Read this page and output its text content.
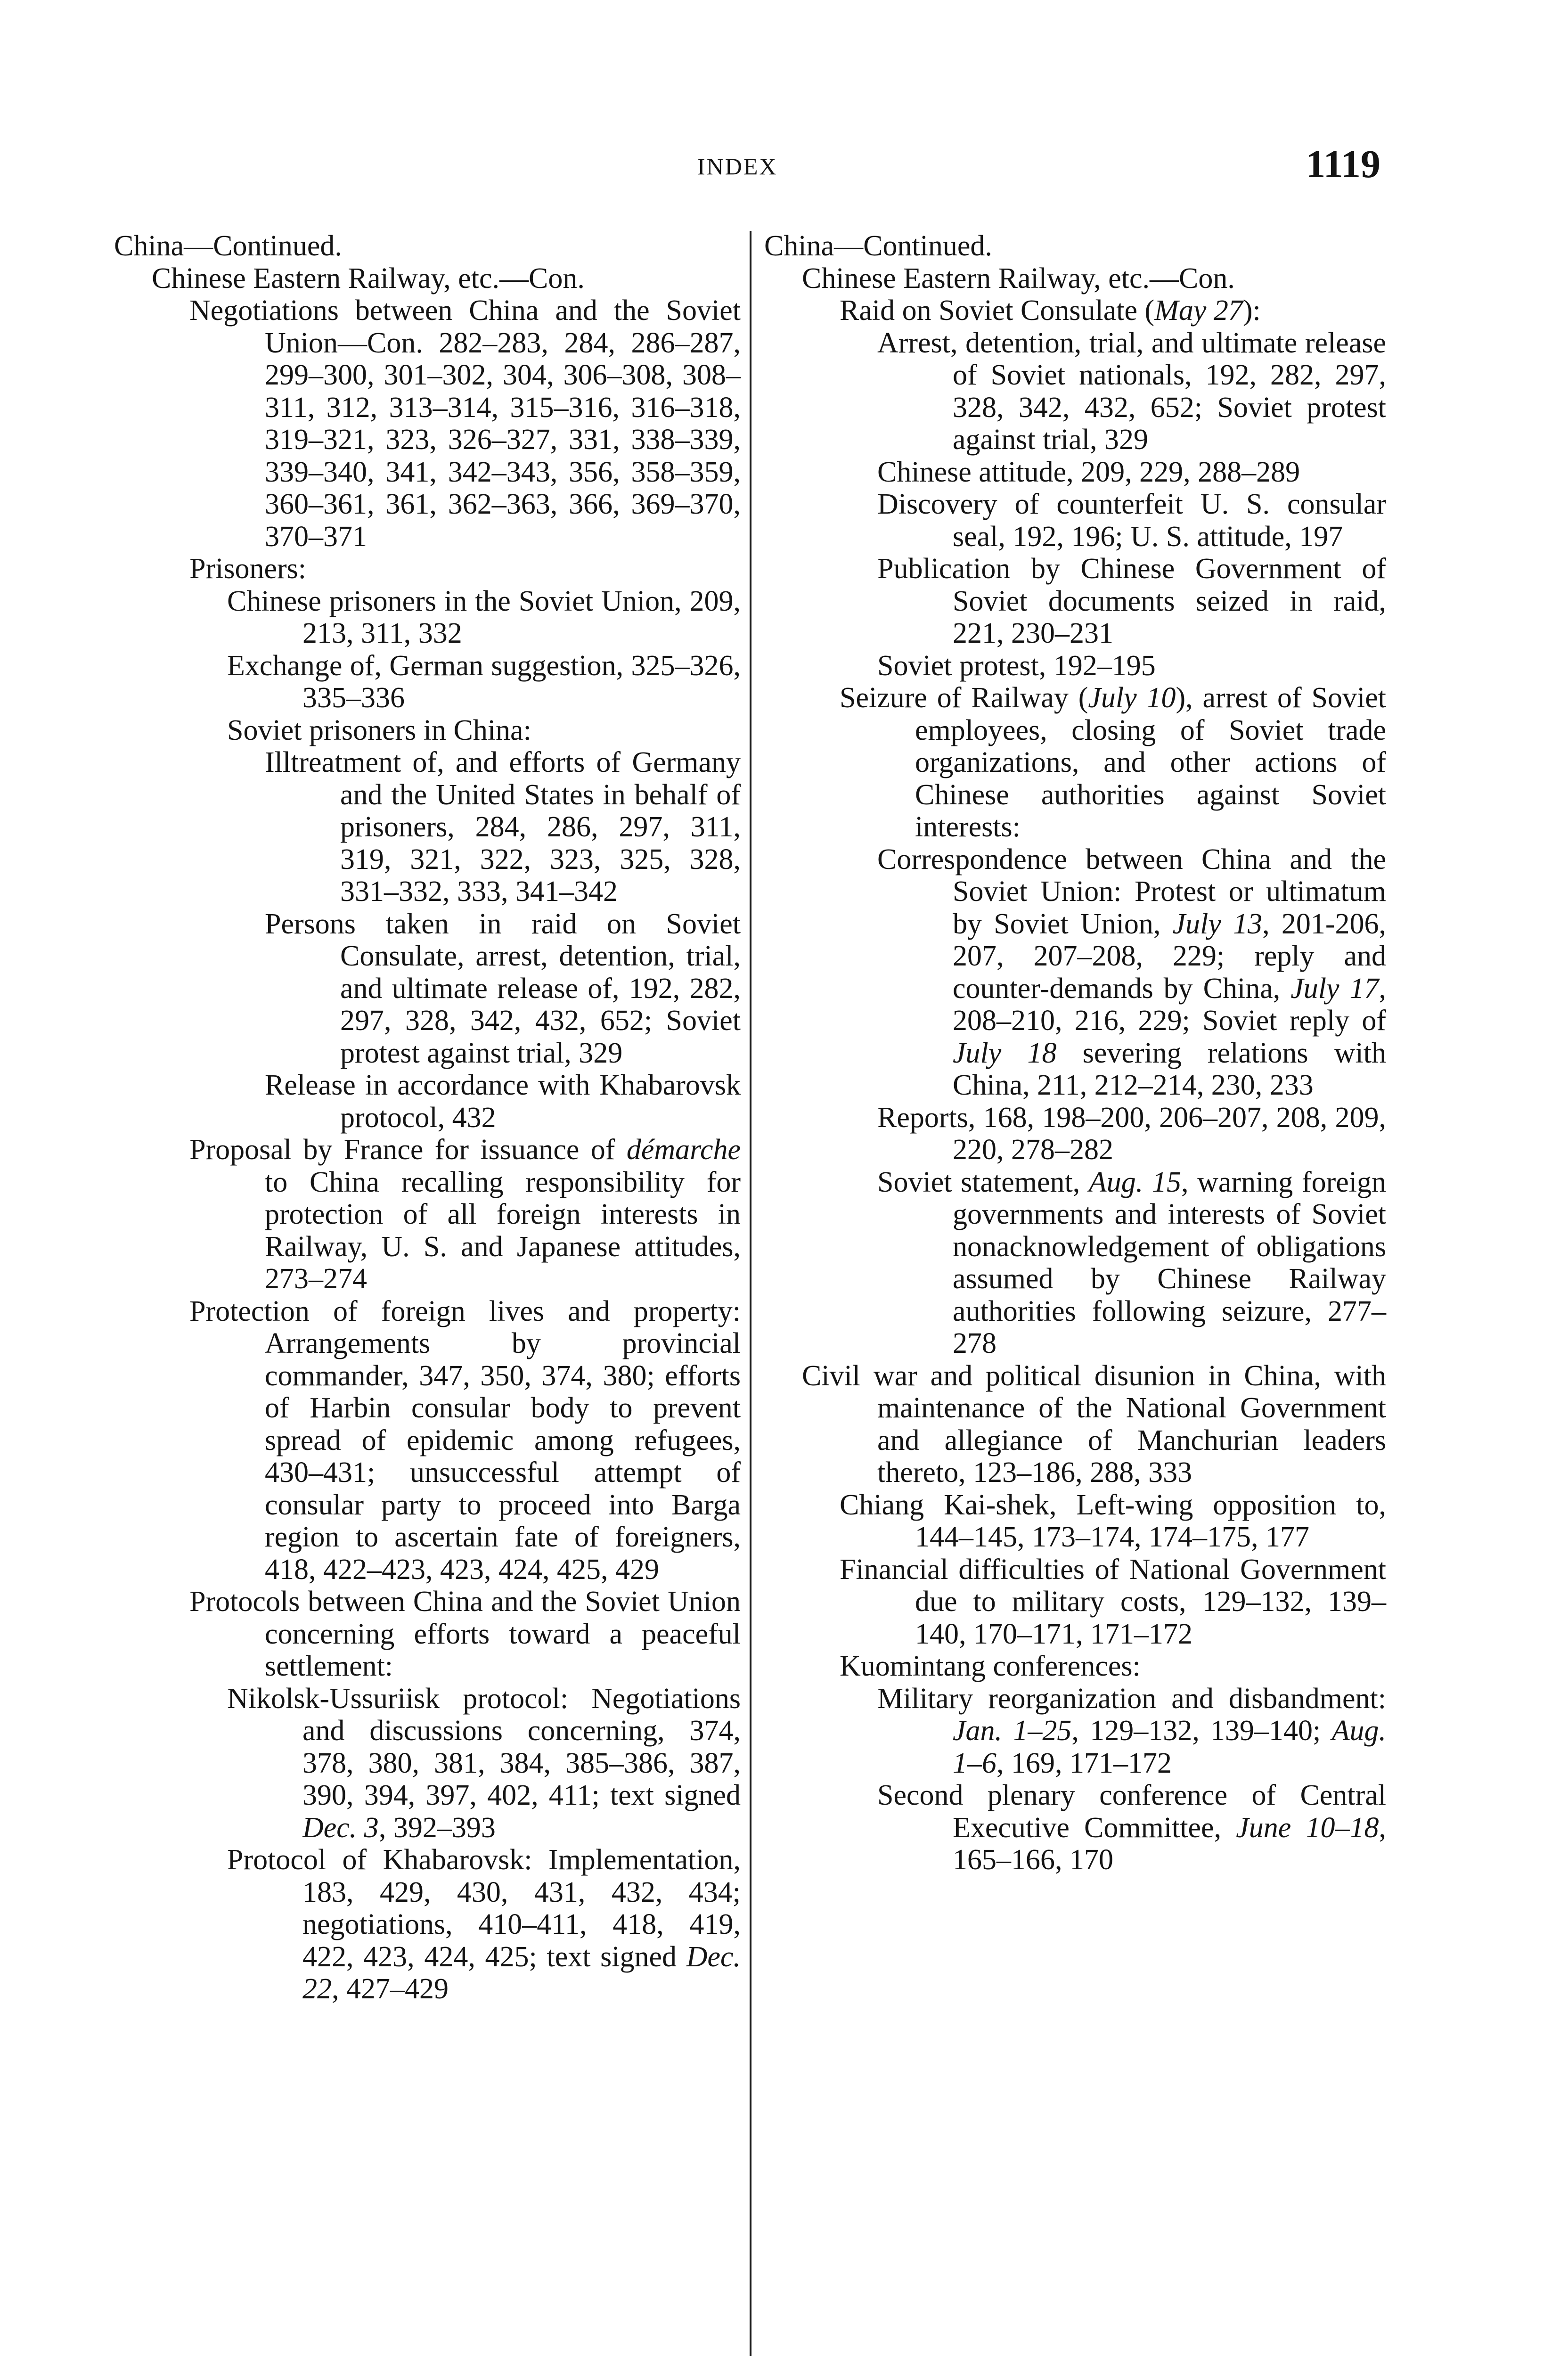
INDEX	1119
China—Continued.
Chinese Eastern Railway, etc.—Con.
Negotiations between China and the Soviet Union—Con. 282–283, 284, 286–287, 299–300, 301–302, 304, 306–308, 308–311, 312, 313–314, 315–316, 316–318, 319–321, 323, 326–327, 331, 338–339, 339–340, 341, 342–343, 356, 358–359, 360–361, 361, 362–363, 366, 369–370, 370–371
Prisoners:
Chinese prisoners in the Soviet Union, 209, 213, 311, 332
Exchange of, German suggestion, 325–326, 335–336
Soviet prisoners in China:
Illtreatment of, and efforts of Germany and the United States in behalf of prisoners, 284, 286, 297, 311, 319, 321, 322, 323, 325, 328, 331–332, 333, 341–342
Persons taken in raid on Soviet Consulate, arrest, detention, trial, and ultimate release of, 192, 282, 297, 328, 342, 432, 652; Soviet protest against trial, 329
Release in accordance with Khabarovsk protocol, 432
Proposal by France for issuance of démarche to China recalling responsibility for protection of all foreign interests in Railway, U. S. and Japanese attitudes, 273–274
Protection of foreign lives and property: Arrangements by provincial commander, 347, 350, 374, 380; efforts of Harbin consular body to prevent spread of epidemic among refugees, 430–431; unsuccessful attempt of consular party to proceed into Barga region to ascertain fate of foreigners, 418, 422–423, 423, 424, 425, 429
Protocols between China and the Soviet Union concerning efforts toward a peaceful settlement:
Nikolsk-Ussuriisk protocol: Negotiations and discussions concerning, 374, 378, 380, 381, 384, 385–386, 387, 390, 394, 397, 402, 411; text signed Dec. 3, 392–393
Protocol of Khabarovsk: Implementation, 183, 429, 430, 431, 432, 434; negotiations, 410–411, 418, 419, 422, 423, 424, 425; text signed Dec. 22, 427–429
China—Continued.
Chinese Eastern Railway, etc.—Con.
Raid on Soviet Consulate (May 27):
Arrest, detention, trial, and ultimate release of Soviet nationals, 192, 282, 297, 328, 342, 432, 652; Soviet protest against trial, 329
Chinese attitude, 209, 229, 288–289
Discovery of counterfeit U. S. consular seal, 192, 196; U. S. attitude, 197
Publication by Chinese Government of Soviet documents seized in raid, 221, 230–231
Soviet protest, 192–195
Seizure of Railway (July 10), arrest of Soviet employees, closing of Soviet trade organizations, and other actions of Chinese authorities against Soviet interests:
Correspondence between China and the Soviet Union: Protest or ultimatum by Soviet Union, July 13, 201-206, 207, 207–208, 229; reply and counter-demands by China, July 17, 208–210, 216, 229; Soviet reply of July 18 severing relations with China, 211, 212–214, 230, 233
Reports, 168, 198–200, 206–207, 208, 209, 220, 278–282
Soviet statement, Aug. 15, warning foreign governments and interests of Soviet nonacknowledgement of obligations assumed by Chinese Railway authorities following seizure, 277–278
Civil war and political disunion in China, with maintenance of the National Government and allegiance of Manchurian leaders thereto, 123–186, 288, 333
Chiang Kai-shek, Left-wing opposition to, 144–145, 173–174, 174–175, 177
Financial difficulties of National Government due to military costs, 129–132, 139–140, 170–171, 171–172
Kuomintang conferences:
Military reorganization and disbandment: Jan. 1–25, 129–132, 139–140; Aug. 1–6, 169, 171–172
Second plenary conference of Central Executive Committee, June 10–18, 165–166, 170
